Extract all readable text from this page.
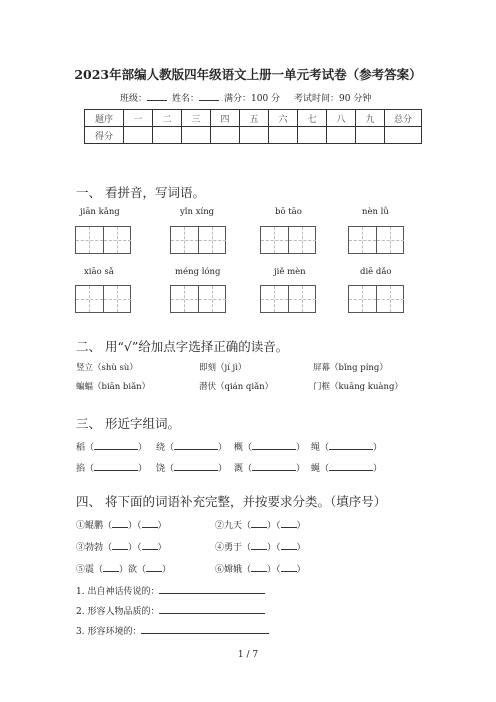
2023年部编人教版四年级语文上册一单元考试卷（参考答案）
班级：	姓名：	满分：100 分 考试时间：90 分钟
题序	一	二	三	四	五	六	七	八	九	总分
得分										
一、 看拼音，写词语。
jiān kǎng	yǐn xíng	bō tāo	nèn lǜ
xiāo sǎ	méng lóng	jiě mèn	diē dǎo
二、 用“√”给加点字选择正确的读音。
竖立（shù sù）	即刻（jí jì）	屏幕（bǐng píng）
蝙蝠（biān biǎn）	潜伏（qián qiǎn）	门框（kuāng kuàng）
三、 形近字组词。
稻（	） 绕（	） 概（	） 绳（	）
掐（	） 饶（	） 溉（	） 蝇（	）
四、 将下面的词语补充完整，并按要求分类。（填序号）
①鲲鹏（ ）（ ）	②九天（ ）（ ）
③勃勃（ ）（ ）	④勇于（ ）（ ）
⑤震（ ）欲（ ）	⑥嫦娥（ ）（ ）
1. 出自神话传说的：
2. 形容人物品质的：
3. 形容环境的：
1 / 7
